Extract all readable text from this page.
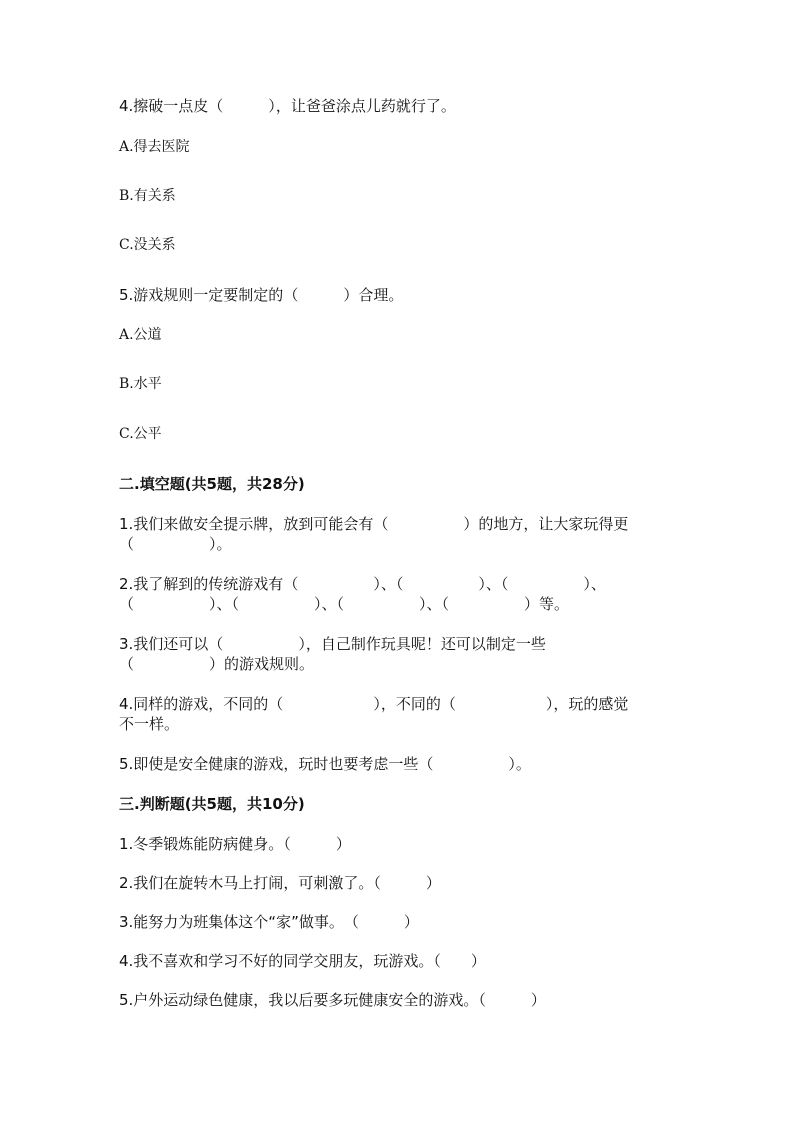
4.擦破一点皮（　　　），让爸爸涂点儿药就行了。
A.得去医院
B.有关系
C.没关系
5.游戏规则一定要制定的（　　　）合理。
A.公道
B.水平
C.公平
二.填空题(共5题，共28分)
1.我们来做安全提示牌，放到可能会有（　　　　　）的地方，让大家玩得更
（　　　　　）。
2.我了解到的传统游戏有（　　　　　）、（　　　　　）、（　　　　　）、
（　　　　　）、（　　　　　）、（　　　　　）、（　　　　　）等。
3.我们还可以（　　　　　），自己制作玩具呢！还可以制定一些
（　　　　　）的游戏规则。
4.同样的游戏，不同的（　　　　　　），不同的（　　　　　　），玩的感觉
不一样。
5.即使是安全健康的游戏，玩时也要考虑一些（　　　　　）。
三.判断题(共5题，共10分)
1.冬季锻炼能防病健身。（　　　）
2.我们在旋转木马上打闹，可刺激了。（　　　）
3.能努力为班集体这个“家”做事。　（　　　）
4.我不喜欢和学习不好的同学交朋友，玩游戏。（　　）
5.户外运动绿色健康，我以后要多玩健康安全的游戏。（　　　）
